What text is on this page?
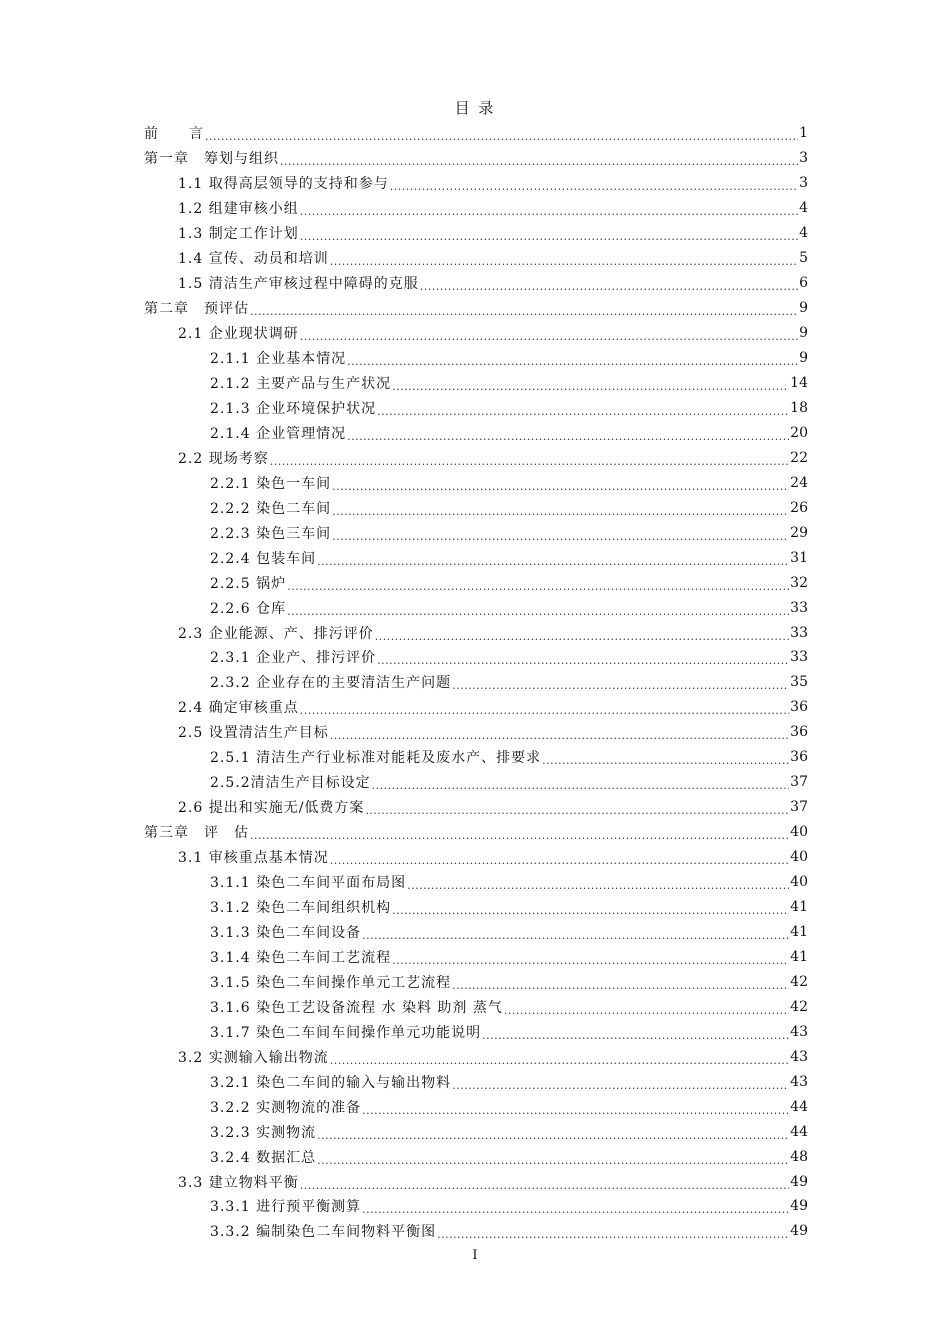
目 录
前　　言 .....	1
第一章　筹划与组织 .....	3
1.1 取得高层领导的支持和参与 .....	3
1.2 组建审核小组 .....	4
1.3 制定工作计划 .....	4
1.4 宣传、动员和培训 .....	5
1.5 清洁生产审核过程中障碍的克服 .....	6
第二章　预评估 .....	9
2.1 企业现状调研 .....	9
2.1.1 企业基本情况 .....	9
2.1.2 主要产品与生产状况 .....	14
2.1.3 企业环境保护状况 .....	18
2.1.4 企业管理情况 .....	20
2.2 现场考察 .....	22
2.2.1 染色一车间 .....	24
2.2.2 染色二车间 .....	26
2.2.3 染色三车间 .....	29
2.2.4 包装车间 .....	31
2.2.5 锅炉 .....	32
2.2.6 仓库 .....	33
2.3 企业能源、产、排污评价 .....	33
2.3.1 企业产、排污评价 .....	33
2.3.2 企业存在的主要清洁生产问题 .....	35
2.4 确定审核重点 .....	36
2.5 设置清洁生产目标 .....	36
2.5.1 清洁生产行业标准对能耗及废水产、排要求 .....	36
2.5.2清洁生产目标设定 .....	37
2.6 提出和实施无/低费方案 .....	37
第三章　评　估 .....	40
3.1 审核重点基本情况 .....	40
3.1.1 染色二车间平面布局图 .....	40
3.1.2 染色二车间组织机构 .....	41
3.1.3 染色二车间设备 .....	41
3.1.4 染色二车间工艺流程 .....	41
3.1.5 染色二车间操作单元工艺流程 .....	42
3.1.6 染色工艺设备流程 水 染料 助剂 蒸气 .....	42
3.1.7 染色二车间车间操作单元功能说明 .....	43
3.2 实测输入输出物流 .....	43
3.2.1 染色二车间的输入与输出物料 .....	43
3.2.2 实测物流的准备 .....	44
3.2.3 实测物流 .....	44
3.2.4 数据汇总 .....	48
3.3 建立物料平衡 .....	49
3.3.1 进行预平衡测算 .....	49
3.3.2 编制染色二车间物料平衡图 .....	49
I
